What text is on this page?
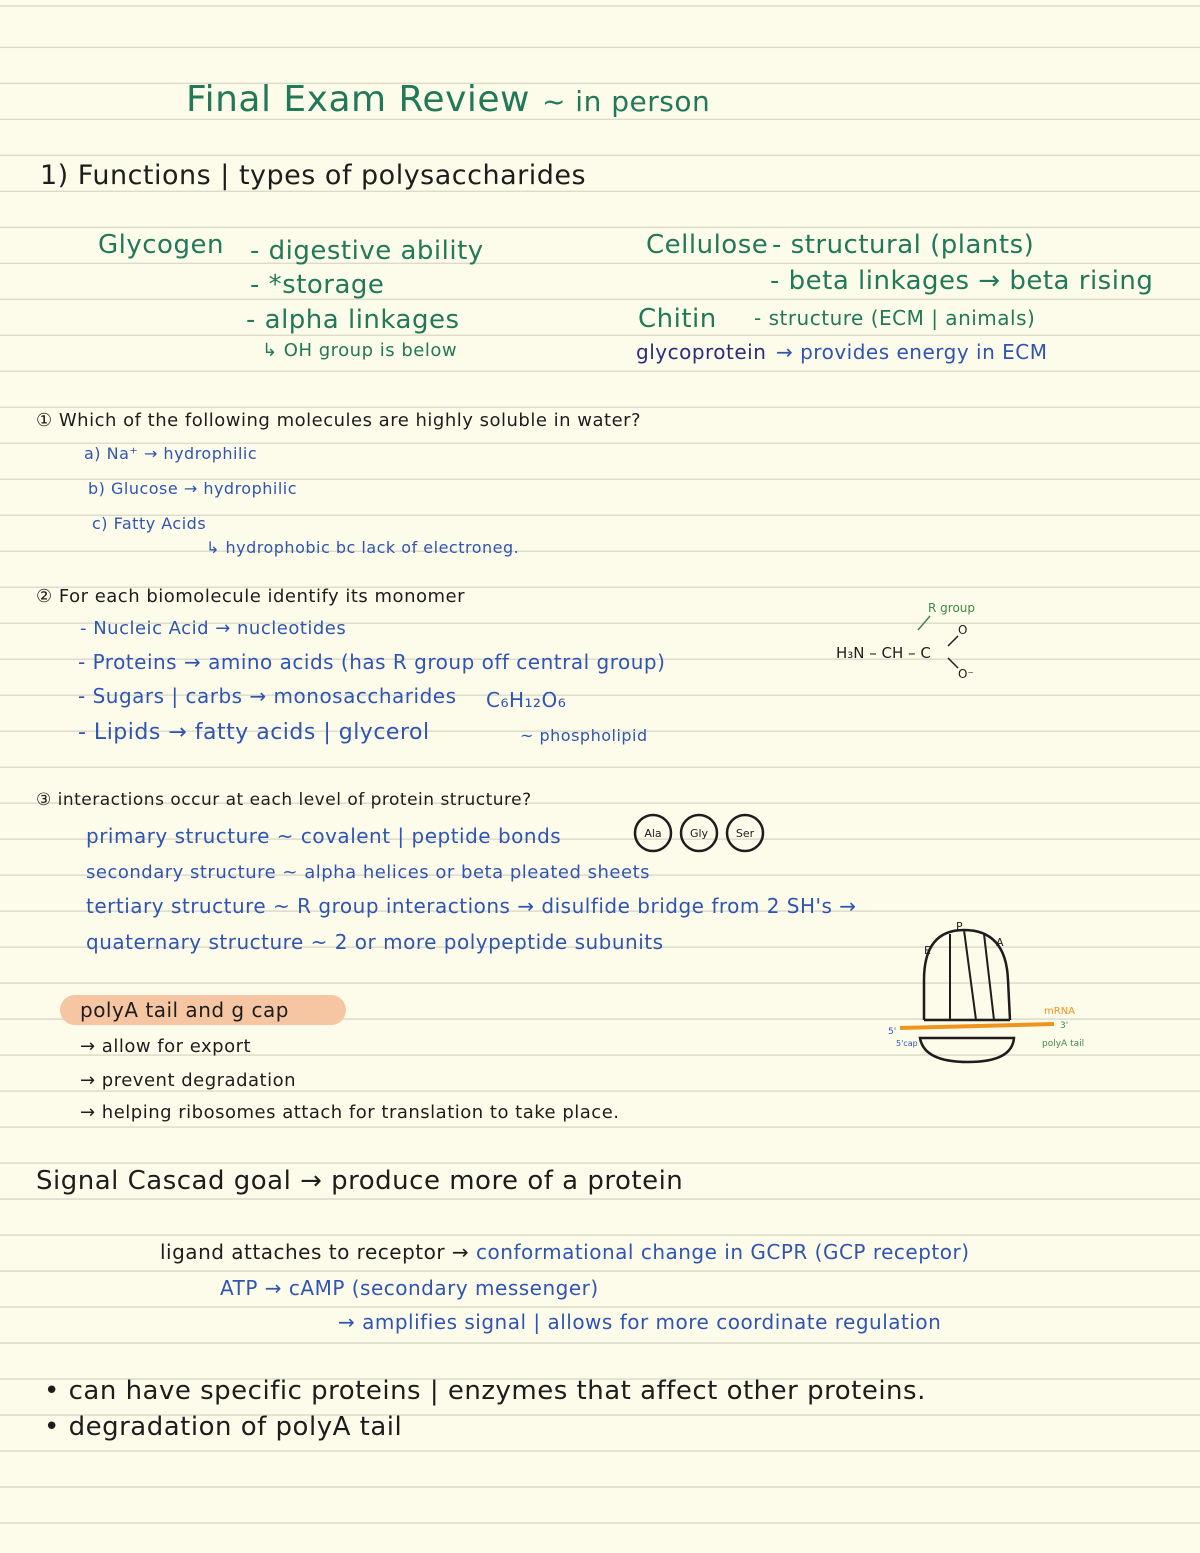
Final Exam Review ~ in person
1) Functions | types of polysaccharides
Glycogen - digestive ability
- *storage
- alpha linkages
↳ OH group is below
Cellulose - structural (plants)
- beta linkages → beta rising
Chitin - structure (ECM | animals)
glycoprotein → provides energy in ECM
① Which of the following molecules are highly soluble in water?
a) Na⁺ → hydrophilic
b) Glucose → hydrophilic
c) Fatty Acids
↳ hydrophobic bc lack of electroneg.
② For each biomolecule identify its monomer
- Nucleic Acid → nucleotides
- Proteins → amino acids (has R group off central group)
- Sugars | carbs → monosaccharides C₆H₁₂O₆
- Lipids → fatty acids | glycerol	~ phospholipid
R group
H₃N – CH – C
O
O⁻
③ interactions occur at each level of protein structure?
primary structure ~ covalent | peptide bonds
secondary structure ~ alpha helices or beta pleated sheets
tertiary structure ~ R group interactions → disulfide bridge from 2 SH's →
quaternary structure ~ 2 or more polypeptide subunits
Ala	Gly	Ser
polyA tail and g cap
→ allow for export
→ prevent degradation
→ helping ribosomes attach for translation to take place.
E
P
A
mRNA
5'
5'cap
3'
polyA tail
Signal Cascad goal → produce more of a protein
ligand attaches to receptor → conformational change in GCPR (GCP receptor)
ATP → cAMP (secondary messenger)
→ amplifies signal | allows for more coordinate regulation
• can have specific proteins | enzymes that affect other proteins.
• degradation of polyA tail
